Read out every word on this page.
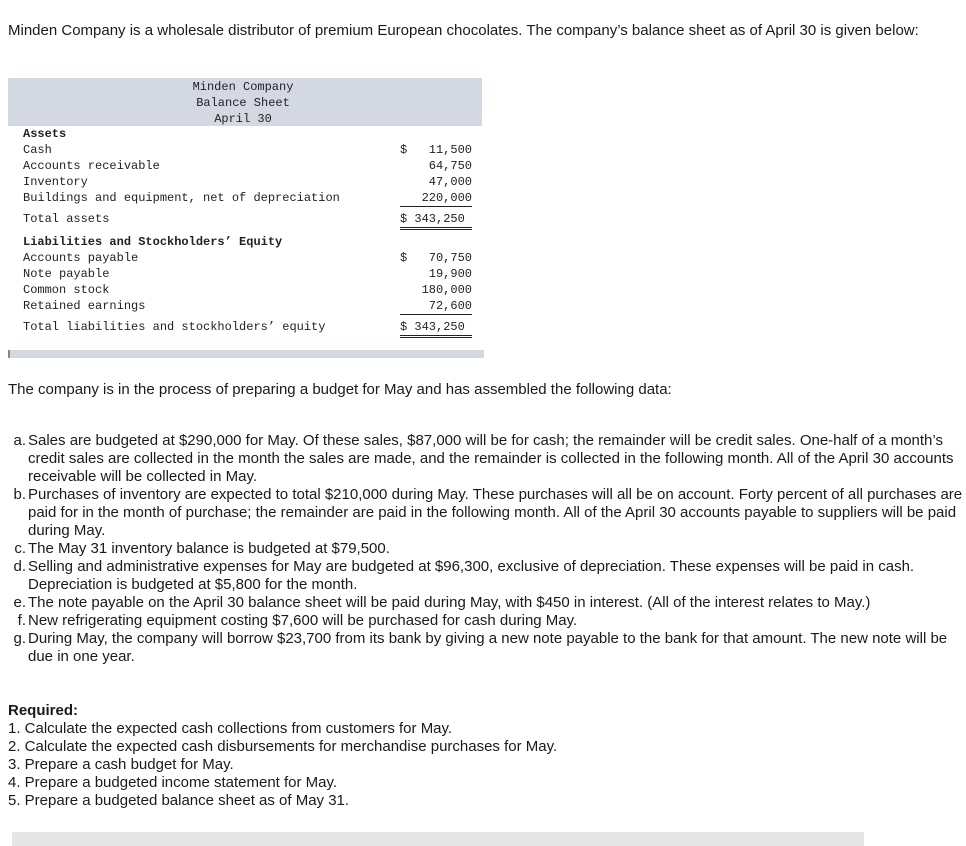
Minden Company is a wholesale distributor of premium European chocolates. The company’s balance sheet as of April 30 is given below:
Minden Company
Balance Sheet
April 30
Assets
Cash	$	11,500
Accounts receivable	64,750
Inventory	47,000
Buildings and equipment, net of depreciation	220,000
Total assets	$ 343,250
Liabilities and Stockholders’ Equity
Accounts payable	$	70,750
Note payable	19,900
Common stock	180,000
Retained earnings	72,600
Total liabilities and stockholders’ equity	$ 343,250
The company is in the process of preparing a budget for May and has assembled the following data:
a. Sales are budgeted at $290,000 for May. Of these sales, $87,000 will be for cash; the remainder will be credit sales. One-half of a month’s credit sales are collected in the month the sales are made, and the remainder is collected in the following month. All of the April 30 accounts receivable will be collected in May.
b. Purchases of inventory are expected to total $210,000 during May. These purchases will all be on account. Forty percent of all purchases are paid for in the month of purchase; the remainder are paid in the following month. All of the April 30 accounts payable to suppliers will be paid during May.
c. The May 31 inventory balance is budgeted at $79,500.
d. Selling and administrative expenses for May are budgeted at $96,300, exclusive of depreciation. These expenses will be paid in cash. Depreciation is budgeted at $5,800 for the month.
e. The note payable on the April 30 balance sheet will be paid during May, with $450 in interest. (All of the interest relates to May.)
f. New refrigerating equipment costing $7,600 will be purchased for cash during May.
g. During May, the company will borrow $23,700 from its bank by giving a new note payable to the bank for that amount. The new note will be due in one year.
Required:
1. Calculate the expected cash collections from customers for May.
2. Calculate the expected cash disbursements for merchandise purchases for May.
3. Prepare a cash budget for May.
4. Prepare a budgeted income statement for May.
5. Prepare a budgeted balance sheet as of May 31.
